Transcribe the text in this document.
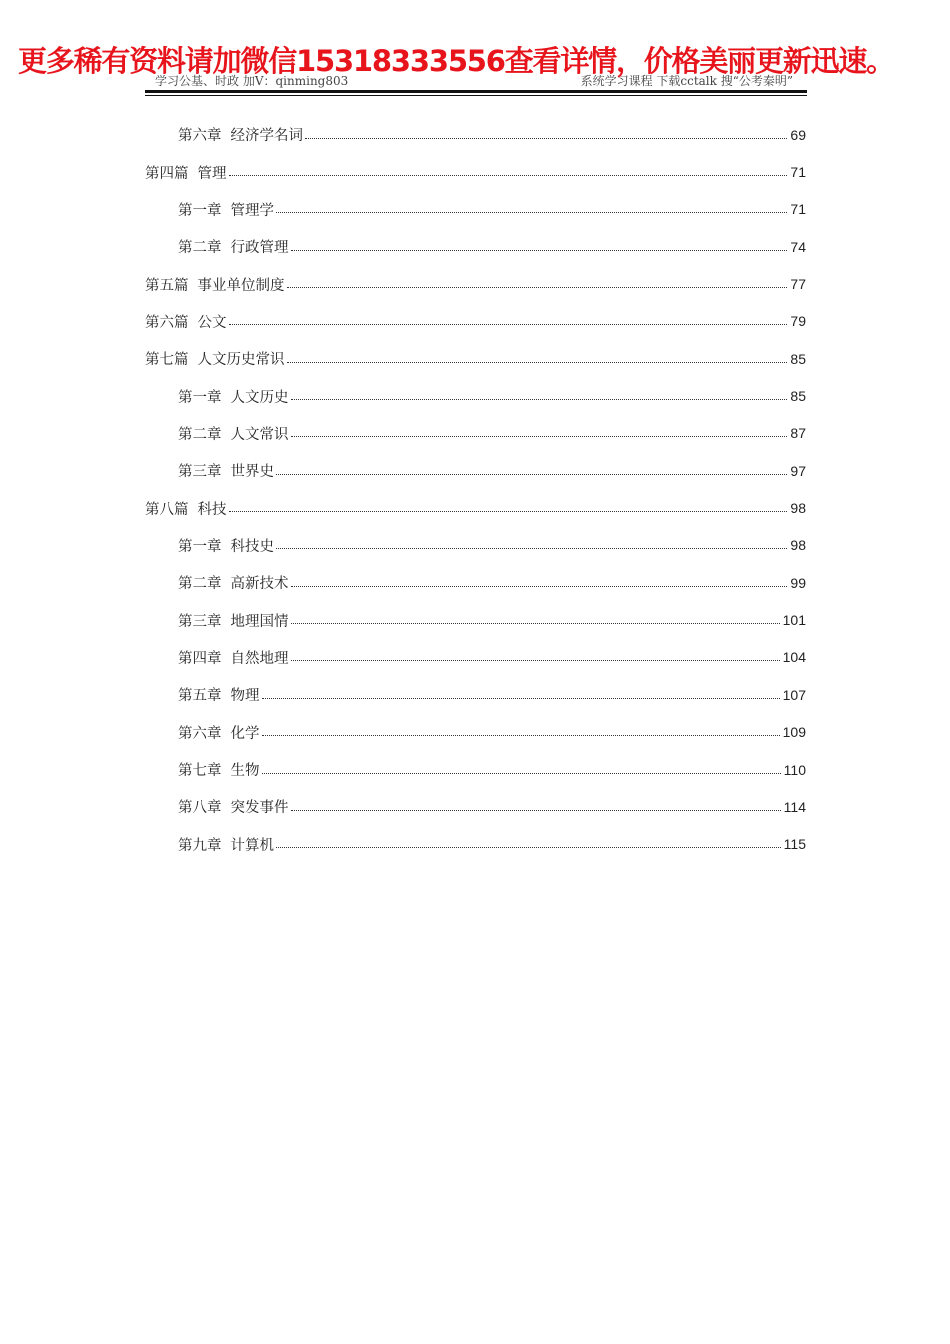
更多稀有资料请加微信15318333556查看详情，价格美丽更新迅速。
学习公基、时政 加V：qinming803	系统学习课程 下载cctalk 搜“公考秦明”
第六章 经济学名词	69
第四篇 管理	71
第一章 管理学	71
第二章 行政管理	74
第五篇 事业单位制度	77
第六篇 公文	79
第七篇 人文历史常识	85
第一章 人文历史	85
第二章 人文常识	87
第三章 世界史	97
第八篇 科技	98
第一章 科技史	98
第二章 高新技术	99
第三章 地理国情	101
第四章 自然地理	104
第五章 物理	107
第六章 化学	109
第七章 生物	110
第八章 突发事件	114
第九章 计算机	115
